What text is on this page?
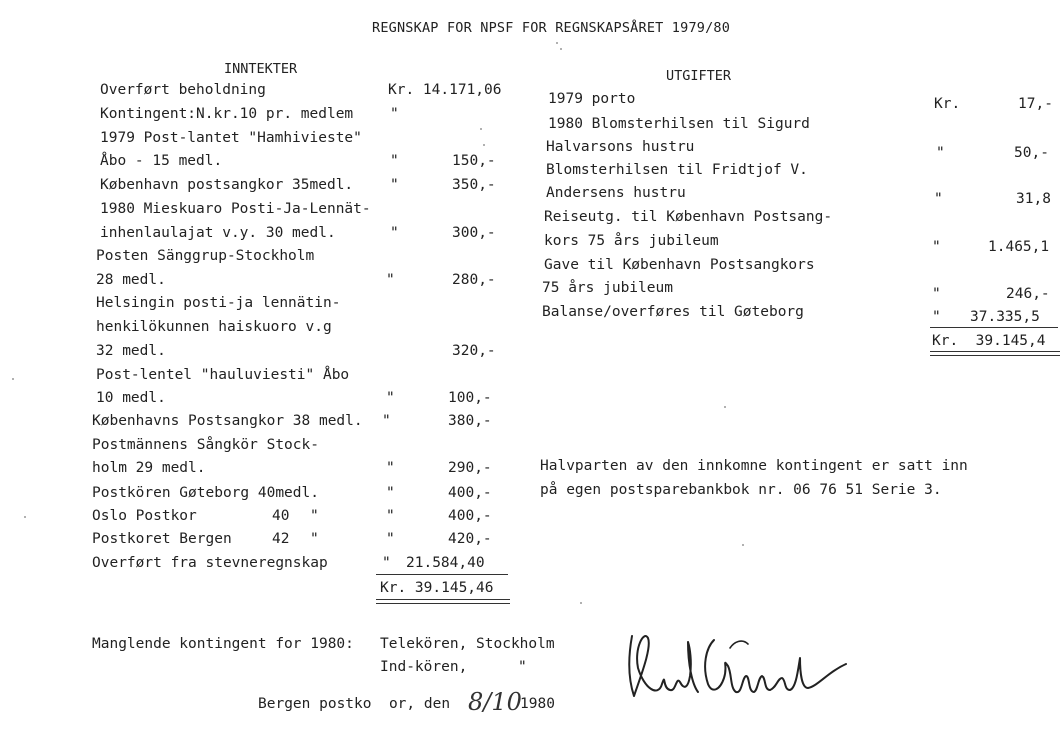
REGNSKAP FOR NPSF FOR REGNSKAPSÅRET 1979/80
INNTEKTER
Overført beholdning
Kontingent:N.kr.10 pr. medlem
1979 Post-lantet "Hamhivieste"
Åbo - 15 medl.
København postsangkor 35medl.
1980 Mieskuaro Posti-Ja-Lennät-
inhenlaulajat v.y. 30 medl.
Posten Sänggrup-Stockholm
28 medl.
Helsingin posti-ja lennätin-
henkilökunnen haiskuoro v.g
32 medl.
Post-lentel "hauluviesti" Åbo
10 medl.
Københavns Postsangkor 38 medl.
Postmännens Sångkör Stock-
holm 29 medl.
Postkören Gøteborg 40medl.
Oslo Postkor
Postkoret Bergen
Overført fra stevneregnskap
40 "
42 "
"
"
"
"
"
"
"
"
"
"
"
"
Kr. 14.171,06
150,-
350,-
300,-
280,-
320,-
100,-
380,-
290,-
400,-
400,-
420,-
21.584,40
Kr. 39.145,46
UTGIFTER
1979 porto
1980 Blomsterhilsen til Sigurd
Halvarsons hustru
Blomsterhilsen til Fridtjof V.
Andersens hustru
Reiseutg. til København Postsang-
kors 75 års jubileum
Gave til København Postsangkors
75 års jubileum
Balanse/overføres til Gøteborg
Kr.
"
"
"
"
"
17,-
50,-
31,8
1.465,1
246,-
37.335,5
Kr.  39.145,4
Halvparten av den innkomne kontingent er satt inn
på egen postsparebankbok nr. 06 76 51 Serie 3.
Manglende kontingent for 1980: Telekören, Stockholm
Ind-kören,	"
Bergen postko  or, den 8/10
1980
